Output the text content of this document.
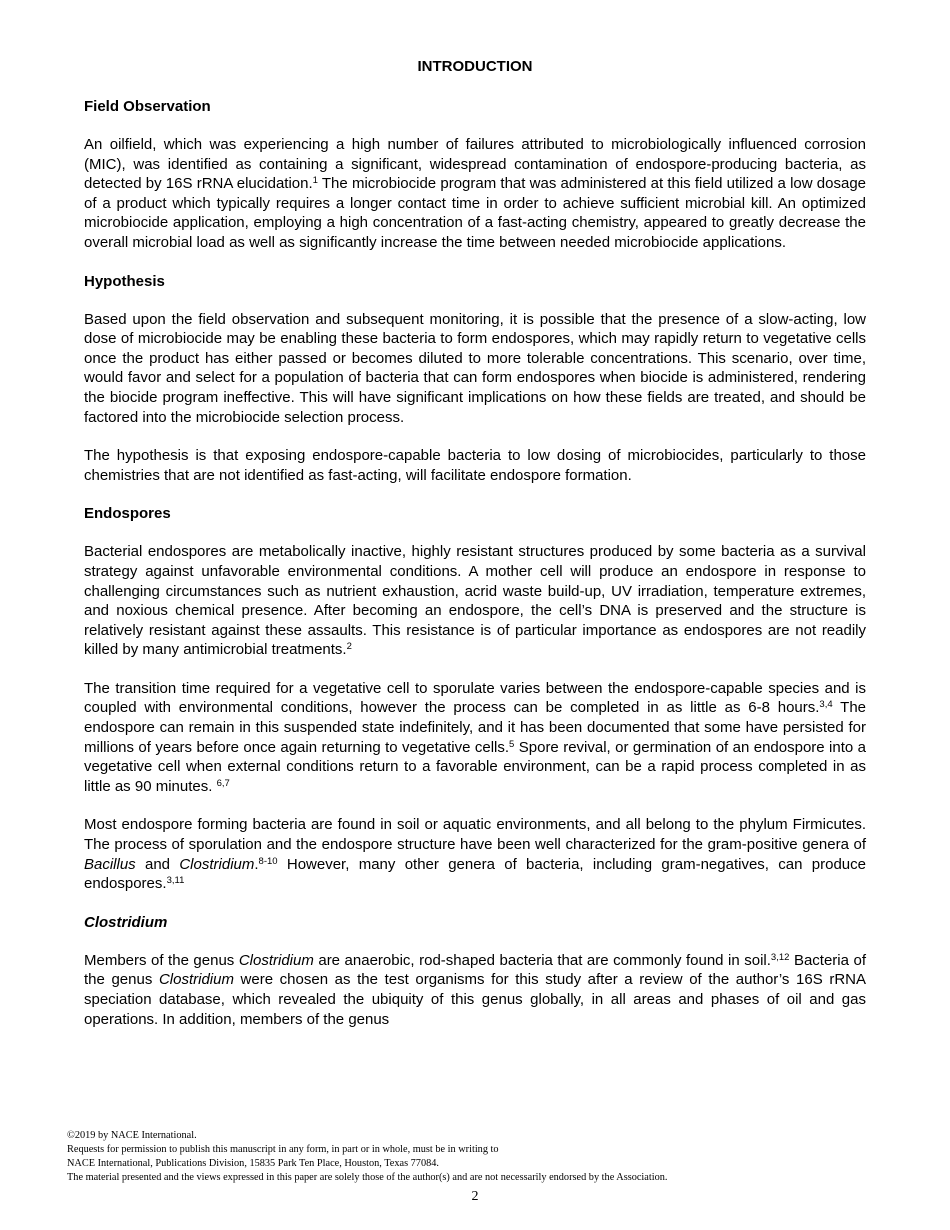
INTRODUCTION
Field Observation

An oilfield, which was experiencing a high number of failures attributed to microbiologically influenced corrosion (MIC), was identified as containing a significant, widespread contamination of endospore-producing bacteria, as detected by 16S rRNA elucidation.$^1$ The microbiocide program that was administered at this field utilized a low dosage of a product which typically requires a longer contact time in order to achieve sufficient microbial kill. An optimized microbiocide application, employing a high concentration of a fast-acting chemistry, appeared to greatly decrease the overall microbial load as well as significantly increase the time between needed microbiocide applications.

Hypothesis

Based upon the field observation and subsequent monitoring, it is possible that the presence of a slow-acting, low dose of microbiocide may be enabling these bacteria to form endospores, which may rapidly return to vegetative cells once the product has either passed or becomes diluted to more tolerable concentrations. This scenario, over time, would favor and select for a population of bacteria that can form endospores when biocide is administered, rendering the biocide program ineffective. This will have significant implications on how these fields are treated, and should be factored into the microbiocide selection process.

The hypothesis is that exposing endospore-capable bacteria to low dosing of microbiocides, particularly to those chemistries that are not identified as fast-acting, will facilitate endospore formation.

Endospores

Bacterial endospores are metabolically inactive, highly resistant structures produced by some bacteria as a survival strategy against unfavorable environmental conditions. A mother cell will produce an endospore in response to challenging circumstances such as nutrient exhaustion, acrid waste build-up, UV irradiation, temperature extremes, and noxious chemical presence. After becoming an endospore, the cell’s DNA is preserved and the structure is relatively resistant against these assaults. This resistance is of particular importance as endospores are not readily killed by many antimicrobial treatments.$^2$

The transition time required for a vegetative cell to sporulate varies between the endospore-capable species and is coupled with environmental conditions, however the process can be completed in as little as 6-8 hours.$^{3,4}$ The endospore can remain in this suspended state indefinitely, and it has been documented that some have persisted for millions of years before once again returning to vegetative cells.$^5$ Spore revival, or germination of an endospore into a vegetative cell when external conditions return to a favorable environment, can be a rapid process completed in as little as 90 minutes. $^{6,7}$

Most endospore forming bacteria are found in soil or aquatic environments, and all belong to the phylum Firmicutes. The process of sporulation and the endospore structure have been well characterized for the gram-positive genera of Bacillus and Clostridium.$^{8-10}$ However, many other genera of bacteria, including gram-negatives, can produce endospores.$^{3,11}$

Clostridium

Members of the genus Clostridium are anaerobic, rod-shaped bacteria that are commonly found in soil.$^{3,12}$ Bacteria of the genus Clostridium were chosen as the test organisms for this study after a review of the author’s 16S rRNA speciation database, which revealed the ubiquity of this genus globally, in all areas and phases of oil and gas operations. In addition, members of the genus

©2019 by NACE International.
Requests for permission to publish this manuscript in any form, in part or in whole, must be in writing to
NACE International, Publications Division, 15835 Park Ten Place, Houston, Texas 77084.
The material presented and the views expressed in this paper are solely those of the author(s) and are not necessarily endorsed by the Association.
2
